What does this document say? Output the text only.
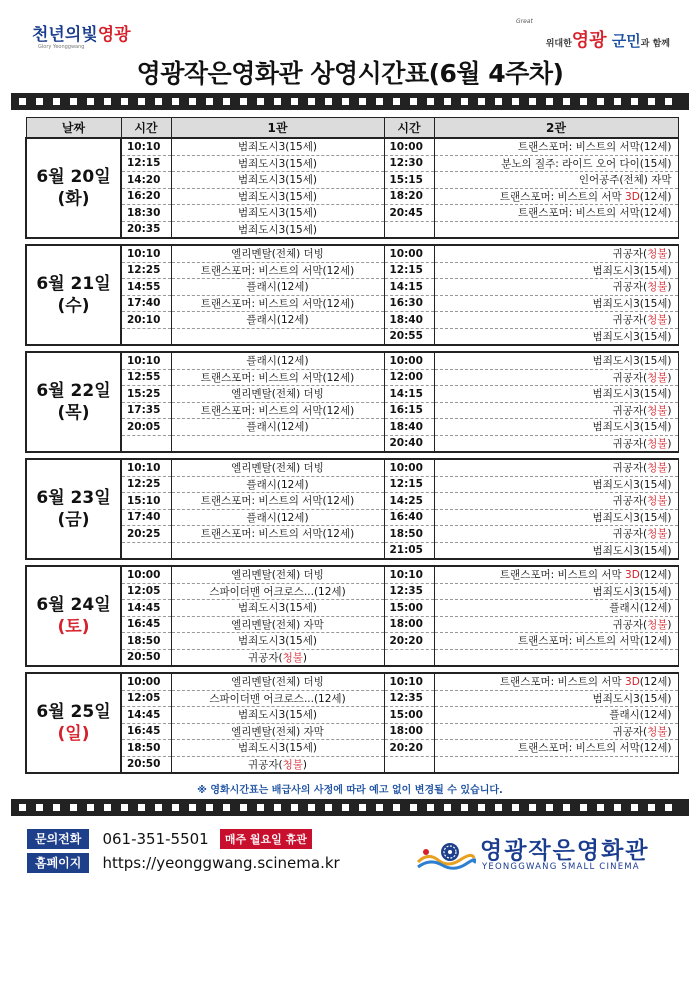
천년의빛영광
Glory Yeonggwang
Great
위대한영광 군민과 함께
영광작은영화관 상영시간표(6월 4주차)
날짜	시간	1관	시간	2관

6월 20일
(화)	10:10	범죄도시3(15세)	10:00	트랜스포머: 비스트의 서막(12세)
	12:15	범죄도시3(15세)	12:30	분노의 질주: 라이드 오어 다이(15세)
	14:20	범죄도시3(15세)	15:15	인어공주(전체) 자막
	16:20	범죄도시3(15세)	18:20	트랜스포머: 비스트의 서막 3D(12세)
	18:30	범죄도시3(15세)	20:45	트랜스포머: 비스트의 서막(12세)
	20:35	범죄도시3(15세)		

6월 21일
(수)	10:10	엘리멘탈(전체) 더빙	10:00	귀공자(청불)
	12:25	트랜스포머: 비스트의 서막(12세)	12:15	범죄도시3(15세)
	14:55	플래시(12세)	14:15	귀공자(청불)
	17:40	트랜스포머: 비스트의 서막(12세)	16:30	범죄도시3(15세)
	20:10	플래시(12세)	18:40	귀공자(청불)
			20:55	범죄도시3(15세)

6월 22일
(목)	10:10	플래시(12세)	10:00	범죄도시3(15세)
	12:55	트랜스포머: 비스트의 서막(12세)	12:00	귀공자(청불)
	15:25	엘리멘탈(전체) 더빙	14:15	범죄도시3(15세)
	17:35	트랜스포머: 비스트의 서막(12세)	16:15	귀공자(청불)
	20:05	플래시(12세)	18:40	범죄도시3(15세)
			20:40	귀공자(청불)

6월 23일
(금)	10:10	엘리멘탈(전체) 더빙	10:00	귀공자(청불)
	12:25	플래시(12세)	12:15	범죄도시3(15세)
	15:10	트랜스포머: 비스트의 서막(12세)	14:25	귀공자(청불)
	17:40	플래시(12세)	16:40	범죄도시3(15세)
	20:25	트랜스포머: 비스트의 서막(12세)	18:50	귀공자(청불)
			21:05	범죄도시3(15세)

6월 24일
(토)	10:00	엘리멘탈(전체) 더빙	10:10	트랜스포머: 비스트의 서막 3D(12세)
	12:05	스파이더맨 어크로스...(12세)	12:35	범죄도시3(15세)
	14:45	범죄도시3(15세)	15:00	플래시(12세)
	16:45	엘리멘탈(전체) 자막	18:00	귀공자(청불)
	18:50	범죄도시3(15세)	20:20	트랜스포머: 비스트의 서막(12세)
	20:50	귀공자(청불)		

6월 25일
(일)	10:00	엘리멘탈(전체) 더빙	10:10	트랜스포머: 비스트의 서막 3D(12세)
	12:05	스파이더맨 어크로스...(12세)	12:35	범죄도시3(15세)
	14:45	범죄도시3(15세)	15:00	플래시(12세)
	16:45	엘리멘탈(전체) 자막	18:00	귀공자(청불)
	18:50	범죄도시3(15세)	20:20	트랜스포머: 비스트의 서막(12세)
	20:50	귀공자(청불)		
※ 영화시간표는 배급사의 사정에 따라 예고 없이 변경될 수 있습니다.
문의전화 061-351-5501 매주 월요일 휴관
홈페이지 https://yeonggwang.scinema.kr	영광작은영화관
YEONGGWANG SMALL CINEMA
